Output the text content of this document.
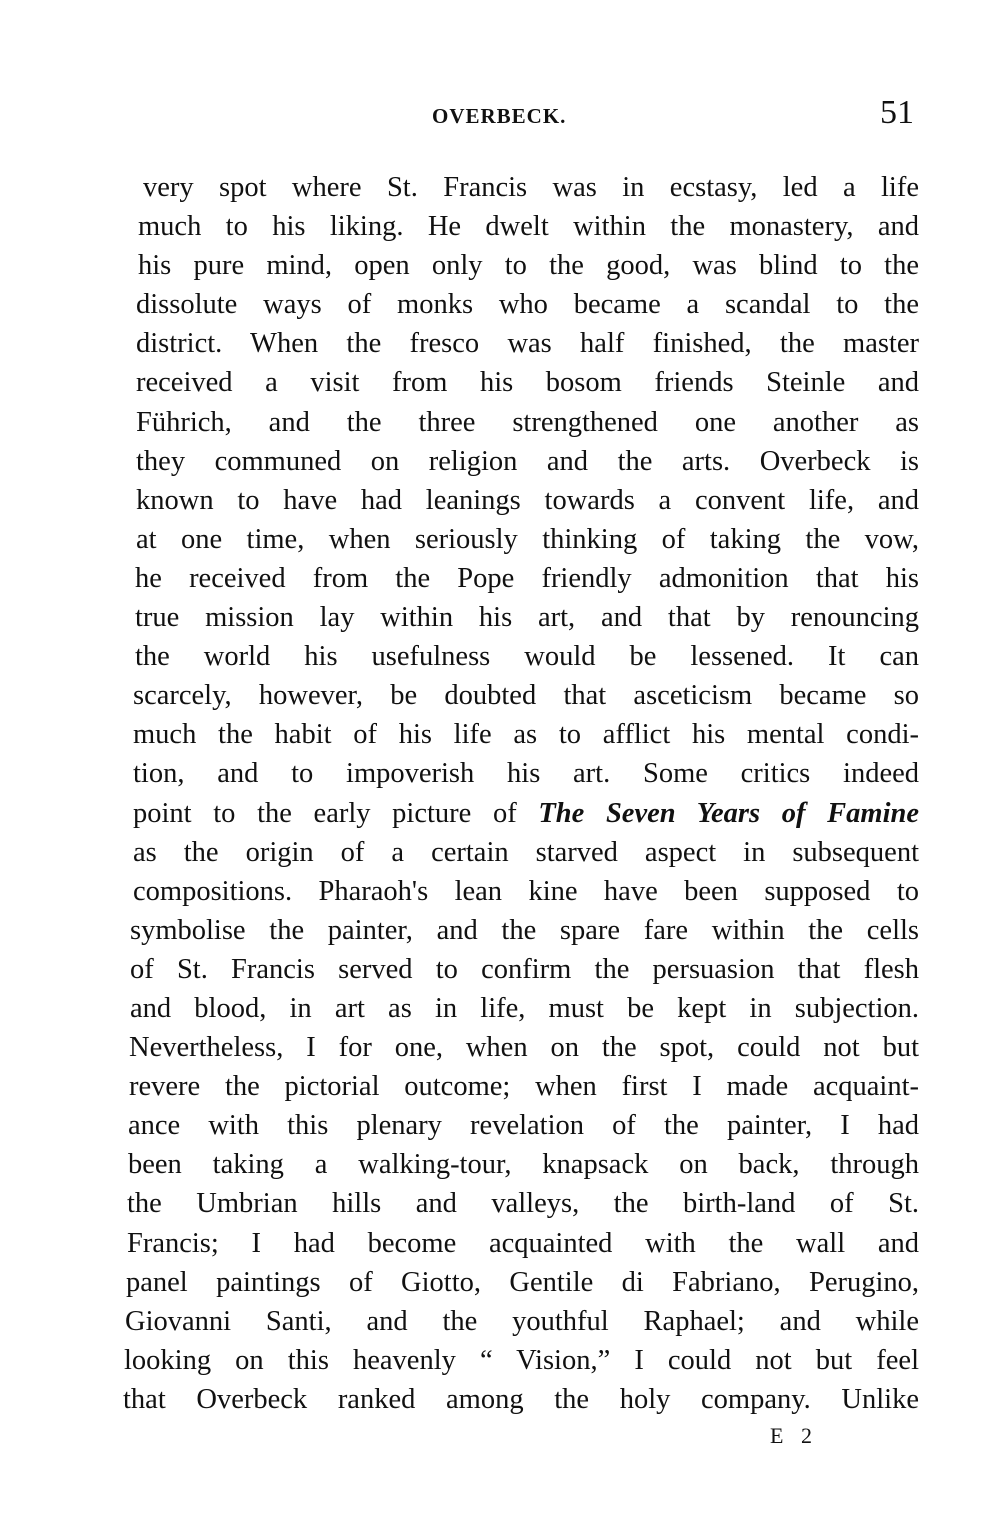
OVERBECK.	51
very spot where St. Francis was in ecstasy, led a life
much to his liking. He dwelt within the monastery, and
his pure mind, open only to the good, was blind to the
dissolute ways of monks who became a scandal to the
district. When the fresco was half finished, the master
received a visit from his bosom friends Steinle and
Führich, and the three strengthened one another as
they communed on religion and the arts. Overbeck is
known to have had leanings towards a convent life, and
at one time, when seriously thinking of taking the vow,
he received from the Pope friendly admonition that his
true mission lay within his art, and that by renouncing
the world his usefulness would be lessened. It can
scarcely, however, be doubted that asceticism became so
much the habit of his life as to afflict his mental condi-
tion, and to impoverish his art. Some critics indeed
point to the early picture of The Seven Years of Famine
as the origin of a certain starved aspect in subsequent
compositions. Pharaoh's lean kine have been supposed to
symbolise the painter, and the spare fare within the cells
of St. Francis served to confirm the persuasion that flesh
and blood, in art as in life, must be kept in subjection.
Nevertheless, I for one, when on the spot, could not but
revere the pictorial outcome; when first I made acquaint-
ance with this plenary revelation of the painter, I had
been taking a walking-tour, knapsack on back, through
the Umbrian hills and valleys, the birth-land of St.
Francis; I had become acquainted with the wall and
panel paintings of Giotto, Gentile di Fabriano, Perugino,
Giovanni Santi, and the youthful Raphael; and while
looking on this heavenly “ Vision,” I could not but feel
that Overbeck ranked among the holy company. Unlike
E 2
